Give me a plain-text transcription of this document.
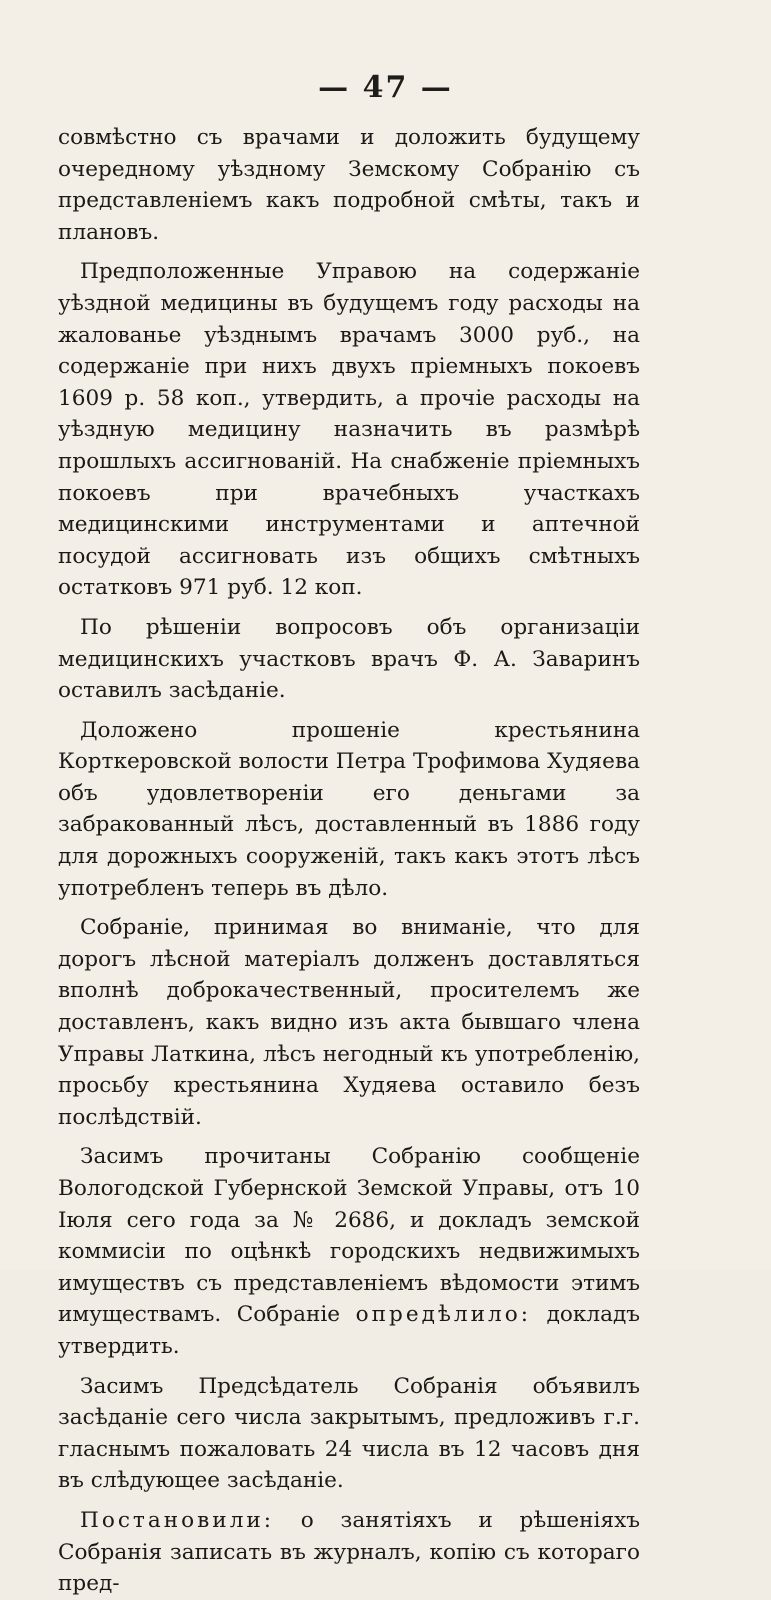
— 47 —

совмѣстно съ врачами и доложить будущему очередному уѣздному Земскому Собранію съ представленіемъ какъ подробной смѣты, такъ и плановъ.

Предположенные Управою на содержаніе уѣздной медицины въ будущемъ году расходы на жалованье уѣзднымъ врачамъ 3000 руб., на содержаніе при нихъ двухъ пріемныхъ покоевъ 1609 р. 58 коп., утвердить, а прочіе расходы на уѣздную медицину назначить въ размѣрѣ прошлыхъ ассигнованій. На снабженіе пріемныхъ покоевъ при врачебныхъ участкахъ медицинскими инструментами и аптечной посудой ассигновать изъ общихъ смѣтныхъ остатковъ 971 руб. 12 коп.

По рѣшеніи вопросовъ объ организаціи медицинскихъ участковъ врачъ Ф. А. Заваринъ оставилъ засѣданіе.

Доложено прошеніе крестьянина Корткеровской волости Петра Трофимова Худяева объ удовлетвореніи его деньгами за забракованный лѣсъ, доставленный въ 1886 году для дорожныхъ сооруженій, такъ какъ этотъ лѣсъ употребленъ теперь въ дѣло.

Собраніе, принимая во вниманіе, что для дорогъ лѣсной матеріалъ долженъ доставляться вполнѣ доброкачественный, просителемъ же доставленъ, какъ видно изъ акта бывшаго члена Управы Латкина, лѣсъ негодный къ употребленію, просьбу крестьянина Худяева оставило безъ послѣдствій.

Засимъ прочитаны Собранію сообщеніе Вологодской Губернской Земской Управы, отъ 10 Іюля сего года за № 2686, и докладъ земской коммисіи по оцѣнкѣ городскихъ недвижимыхъ имуществъ съ представленіемъ вѣдомости этимъ имуществамъ. Собраніе опредѣлило: докладъ утвердить.

Засимъ Предсѣдатель Собранія объявилъ засѣданіе сего числа закрытымъ, предложивъ г.г. гласнымъ пожаловать 24 числа въ 12 часовъ дня въ слѣдующее засѣданіе.

Постановили: о занятіяхъ и рѣшеніяхъ Собранія записать въ журналъ, копію съ котораго пред-
